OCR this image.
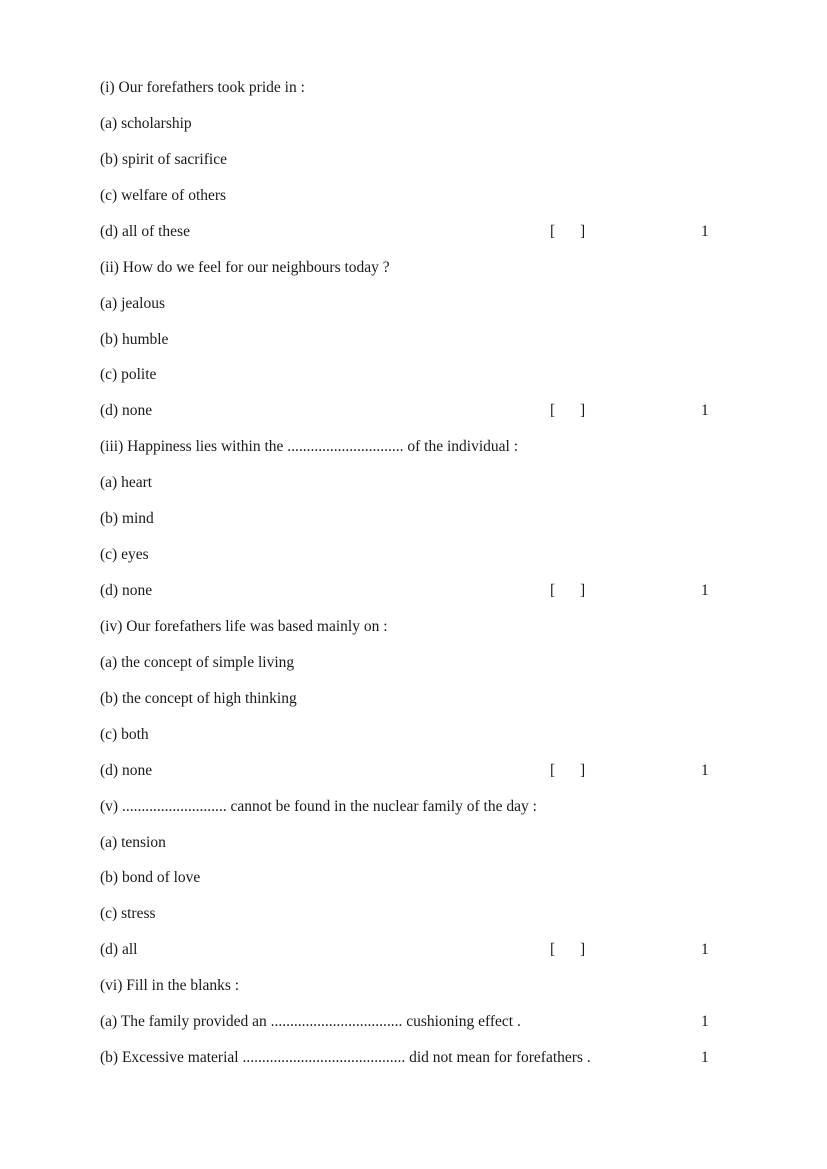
(i) Our forefathers took pride in :
(a) scholarship
(b) spirit of sacrifice
(c) welfare of others
(d) all of these	[ ]	1
(ii) How do we feel for our neighbours today ?
(a) jealous
(b) humble
(c) polite
(d) none	[ ]	1
(iii) Happiness lies within the .............................. of the individual :
(a) heart
(b) mind
(c) eyes
(d) none	[ ]	1
(iv) Our forefathers life was based mainly on :
(a) the concept of simple living
(b) the concept of high thinking
(c) both
(d) none	[ ]	1
(v) ........................... cannot be found in the nuclear family of the day :
(a) tension
(b) bond of love
(c) stress
(d) all	[ ]	1
(vi) Fill in the blanks :
(a) The family provided an .................................. cushioning effect .	1
(b) Excessive material .......................................... did not mean for forefathers .	1
